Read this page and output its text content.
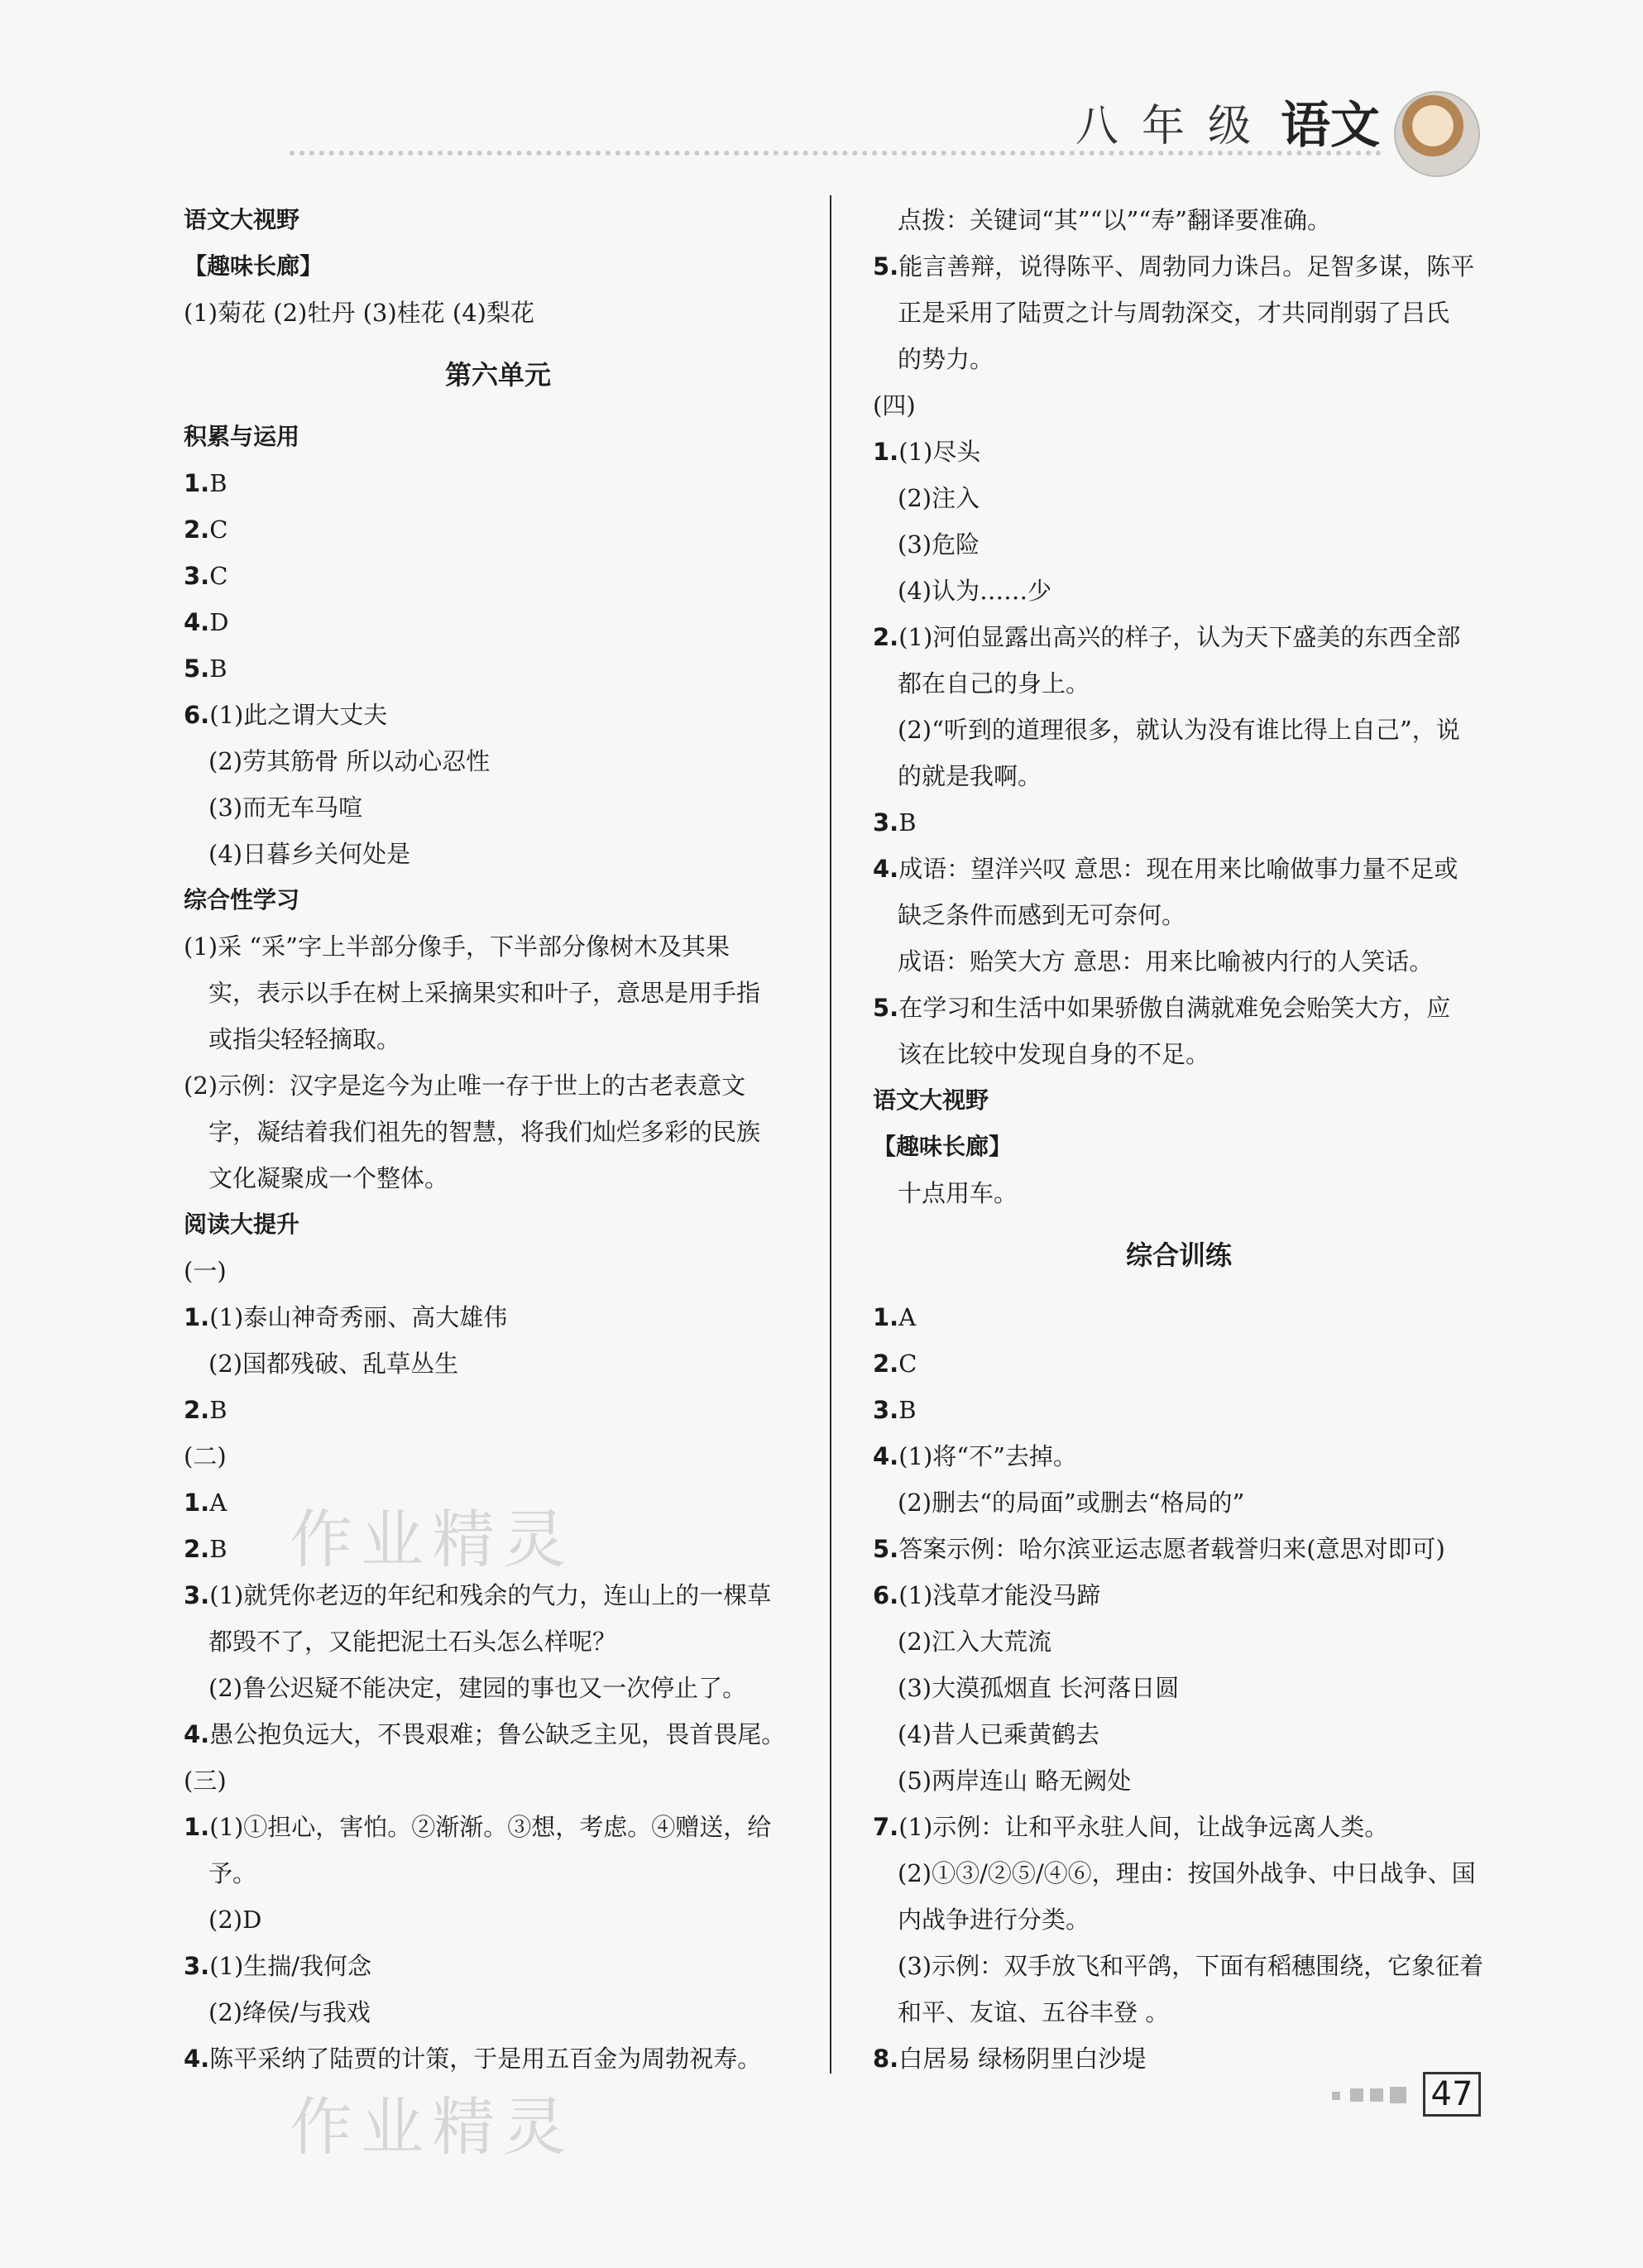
八年级 语文
语文大视野
【趣味长廊】
(1)菊花 (2)牡丹 (3)桂花 (4)梨花
第六单元
积累与运用
1.B
2.C
3.C
4.D
5.B
6.(1)此之谓大丈夫
(2)劳其筋骨 所以动心忍性
(3)而无车马喧
(4)日暮乡关何处是
综合性学习
(1)采 “采”字上半部分像手，下半部分像树木及其果
实，表示以手在树上采摘果实和叶子，意思是用手指
或指尖轻轻摘取。
(2)示例：汉字是迄今为止唯一存于世上的古老表意文
字，凝结着我们祖先的智慧，将我们灿烂多彩的民族
文化凝聚成一个整体。
阅读大提升
(一)
1.(1)泰山神奇秀丽、高大雄伟
(2)国都残破、乱草丛生
2.B
(二)
1.A
2.B
3.(1)就凭你老迈的年纪和残余的气力，连山上的一棵草
都毁不了，又能把泥土石头怎么样呢？
(2)鲁公迟疑不能决定，建园的事也又一次停止了。
4.愚公抱负远大，不畏艰难；鲁公缺乏主见，畏首畏尾。
(三)
1.(1)①担心，害怕。②渐渐。③想，考虑。④赠送，给
予。
(2)D
3.(1)生揣/我何念
(2)绛侯/与我戏
4.陈平采纳了陆贾的计策，于是用五百金为周勃祝寿。
点拨：关键词“其”“以”“寿”翻译要准确。
5.能言善辩，说得陈平、周勃同力诛吕。足智多谋，陈平
正是采用了陆贾之计与周勃深交，才共同削弱了吕氏
的势力。
(四)
1.(1)尽头
(2)注入
(3)危险
(4)认为……少
2.(1)河伯显露出高兴的样子，认为天下盛美的东西全部
都在自己的身上。
(2)“听到的道理很多，就认为没有谁比得上自己”，说
的就是我啊。
3.B
4.成语：望洋兴叹 意思：现在用来比喻做事力量不足或
缺乏条件而感到无可奈何。
成语：贻笑大方 意思：用来比喻被内行的人笑话。
5.在学习和生活中如果骄傲自满就难免会贻笑大方，应
该在比较中发现自身的不足。
语文大视野
【趣味长廊】
十点用车。
综合训练
1.A
2.C
3.B
4.(1)将“不”去掉。
(2)删去“的局面”或删去“格局的”
5.答案示例：哈尔滨亚运志愿者载誉归来(意思对即可)
6.(1)浅草才能没马蹄
(2)江入大荒流
(3)大漠孤烟直 长河落日圆
(4)昔人已乘黄鹤去
(5)两岸连山 略无阙处
7.(1)示例：让和平永驻人间，让战争远离人类。
(2)①③/②⑤/④⑥，理由：按国外战争、中日战争、国
内战争进行分类。
(3)示例：双手放飞和平鸽，下面有稻穗围绕，它象征着
和平、友谊、五谷丰登 。
8.白居易 绿杨阴里白沙堤
作业精灵
作业精灵	47
